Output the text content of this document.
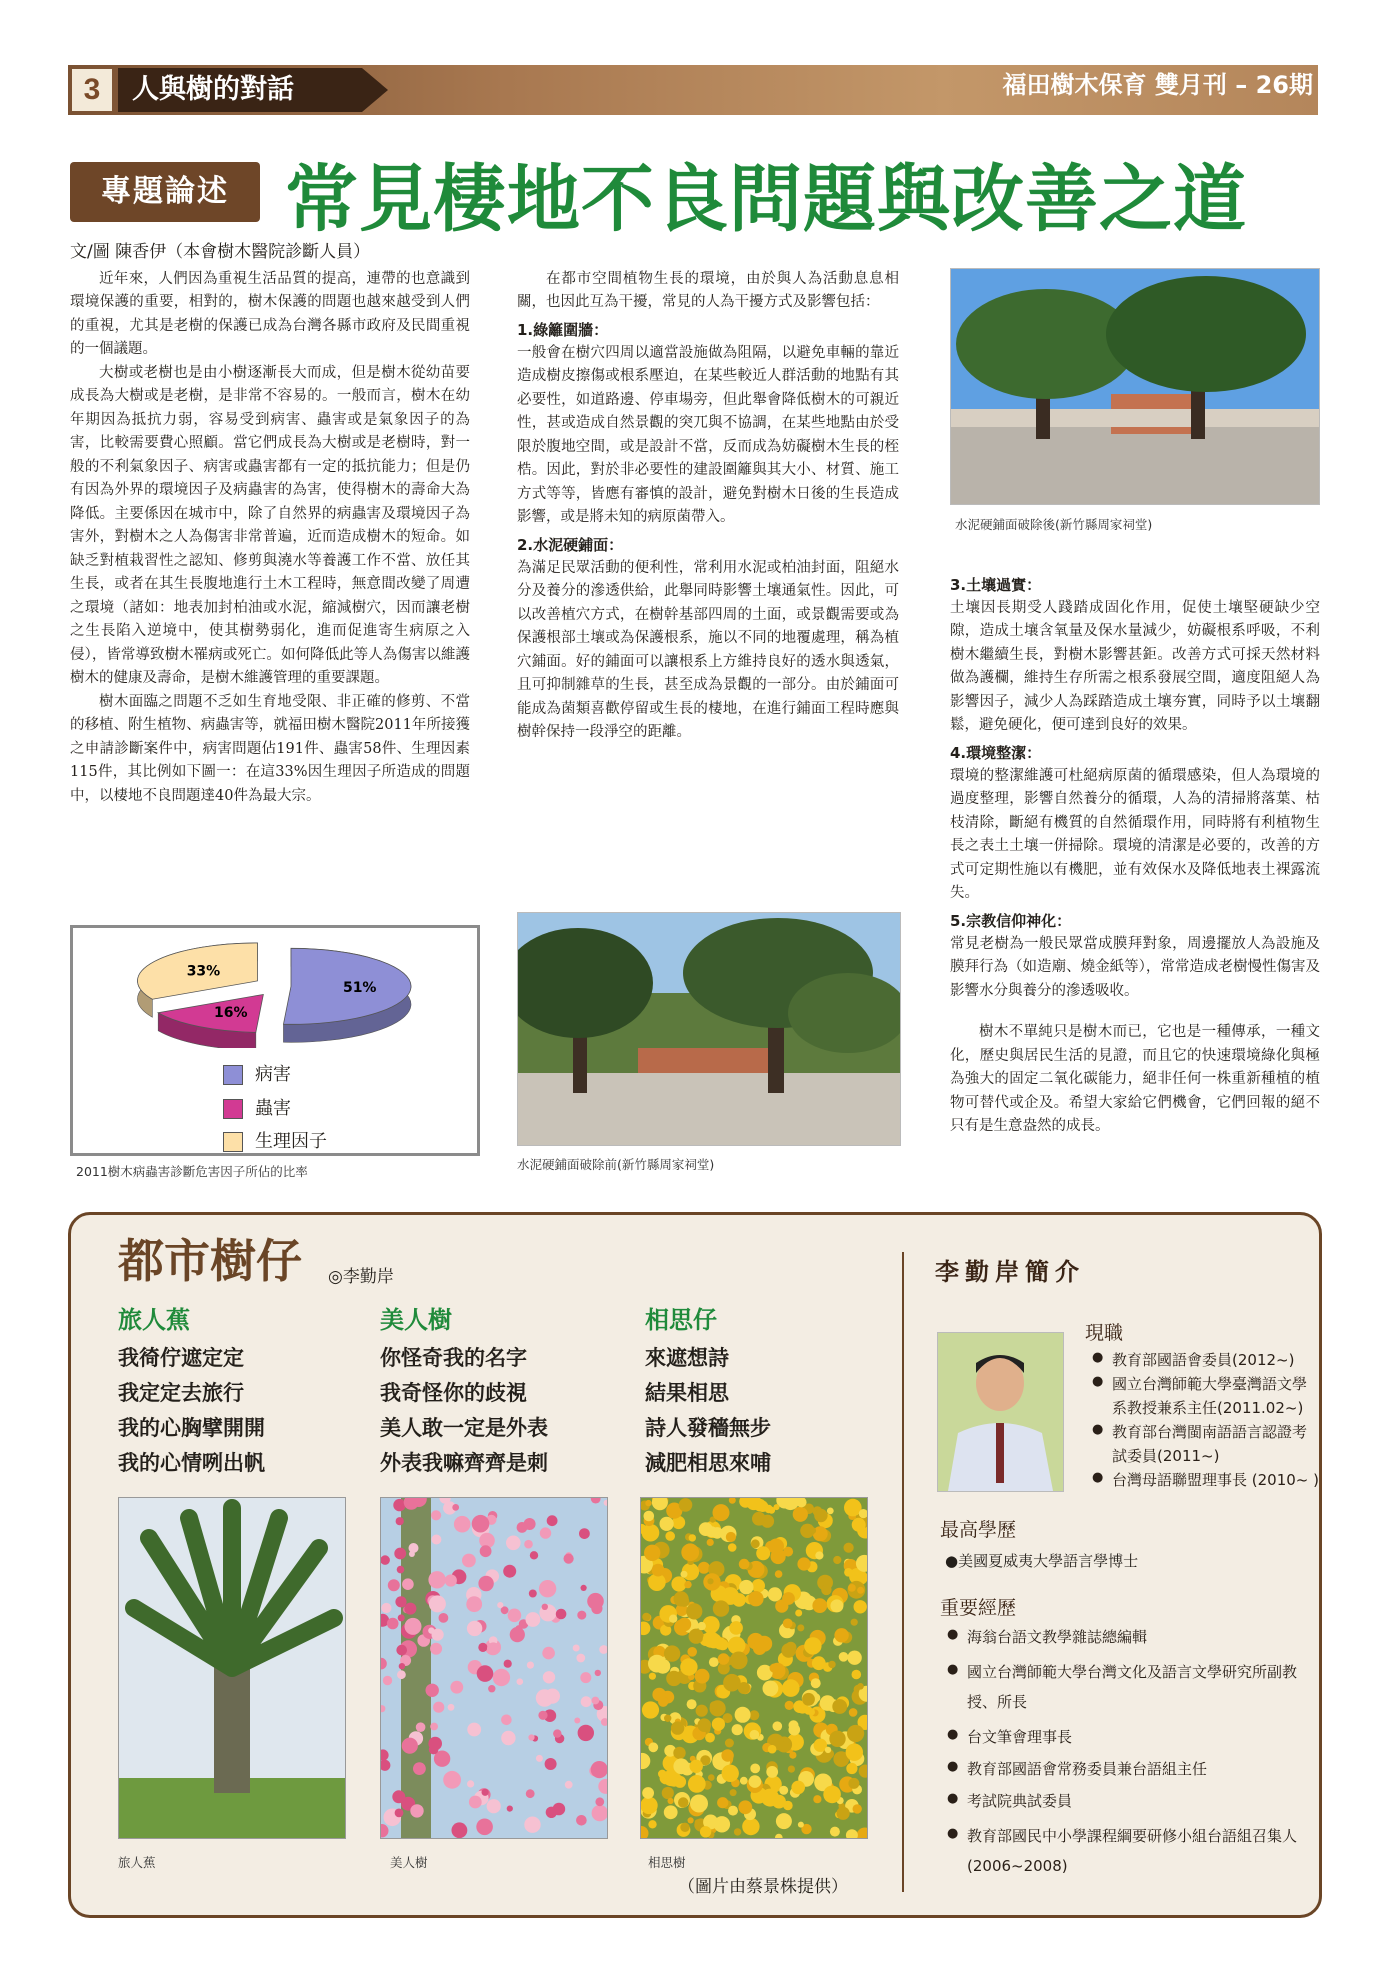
3	人與樹的對話	福田樹木保育 雙月刊 – 26期
專題論述 常見棲地不良問題與改善之道
文/圖 陳香伊（本會樹木醫院診斷人員）

近年來，人們因為重視生活品質的提高，連帶的也意識到環境保護的重要，相對的，樹木保護的問題也越來越受到人們的重視，尤其是老樹的保護已成為台灣各縣市政府及民間重視的一個議題。

大樹或老樹也是由小樹逐漸長大而成，但是樹木從幼苗要成長為大樹或是老樹，是非常不容易的。一般而言，樹木在幼年期因為抵抗力弱，容易受到病害、蟲害或是氣象因子的為害，比較需要費心照顧。當它們成長為大樹或是老樹時，對一般的不利氣象因子、病害或蟲害都有一定的抵抗能力；但是仍有因為外界的環境因子及病蟲害的為害，使得樹木的壽命大為降低。主要係因在城市中，除了自然界的病蟲害及環境因子為害外，對樹木之人為傷害非常普遍，近而造成樹木的短命。如缺乏對植栽習性之認知、修剪與澆水等養護工作不當、放任其生長，或者在其生長腹地進行土木工程時，無意間改變了周遭之環境（諸如：地表加封柏油或水泥，縮減樹穴，因而讓老樹之生長陷入逆境中，使其樹勢弱化，進而促進寄生病原之入侵），皆常導致樹木罹病或死亡。如何降低此等人為傷害以維護樹木的健康及壽命，是樹木維護管理的重要課題。

樹木面臨之問題不乏如生育地受限、非正確的修剪、不當的移植、附生植物、病蟲害等，就福田樹木醫院2011年所接獲之申請診斷案件中，病害問題佔191件、蟲害58件、生理因素115件，其比例如下圖一：在這33%因生理因子所造成的問題中，以棲地不良問題達40件為最大宗。

51%
16%
33%
病害
蟲害
生理因子
2011樹木病蟲害診斷危害因子所佔的比率

在都市空間植物生長的環境，由於與人為活動息息相關，也因此互為干擾，常見的人為干擾方式及影響包括：

1.綠籬圍牆：

一般會在樹穴四周以適當設施做為阻隔，以避免車輛的靠近造成樹皮擦傷或根系壓迫，在某些較近人群活動的地點有其必要性，如道路邊、停車場旁，但此舉會降低樹木的可親近性，甚或造成自然景觀的突兀與不協調，在某些地點由於受限於腹地空間，或是設計不當，反而成為妨礙樹木生長的桎梏。因此，對於非必要性的建設圍籬與其大小、材質、施工方式等等，皆應有審慎的設計，避免對樹木日後的生長造成影響，或是將未知的病原菌帶入。

2.水泥硬鋪面：

為滿足民眾活動的便利性，常利用水泥或柏油封面，阻絕水分及養分的滲透供給，此舉同時影響土壤通氣性。因此，可以改善植穴方式，在樹幹基部四周的土面，或景觀需要或為保護根部土壤或為保護根系，施以不同的地覆處理，稱為植穴鋪面。好的鋪面可以讓根系上方維持良好的透水與透氣，且可抑制雜草的生長，甚至成為景觀的一部分。由於鋪面可能成為菌類喜歡停留或生長的棲地，在進行鋪面工程時應與樹幹保持一段淨空的距離。

水泥硬鋪面破除前(新竹縣周家祠堂)
水泥硬鋪面破除後(新竹縣周家祠堂)
3.土壤過實：

土壤因長期受人踐踏成固化作用，促使土壤堅硬缺少空隙，造成土壤含氧量及保水量減少，妨礙根系呼吸，不利樹木繼續生長，對樹木影響甚鉅。改善方式可採天然材料做為護欄，維持生存所需之根系發展空間，適度阻絕人為影響因子，減少人為踩踏造成土壤夯實，同時予以土壤翻鬆，避免硬化，便可達到良好的效果。

4.環境整潔：

環境的整潔維護可杜絕病原菌的循環感染，但人為環境的過度整理，影響自然養分的循環，人為的清掃將落葉、枯枝清除，斷絕有機質的自然循環作用，同時將有利植物生長之表土土壤一併掃除。環境的清潔是必要的，改善的方式可定期性施以有機肥，並有效保水及降低地表土裸露流失。

5.宗教信仰神化：

常見老樹為一般民眾當成膜拜對象，周邊擺放人為設施及膜拜行為（如造廟、燒金紙等），常常造成老樹慢性傷害及影響水分與養分的滲透吸收。

樹木不單純只是樹木而已，它也是一種傳承，一種文化，歷史與居民生活的見證，而且它的快速環境綠化與極為強大的固定二氧化碳能力，絕非任何一株重新種植的植物可替代或企及。希望大家給它們機會，它們回報的絕不只有是生意盎然的成長。

都市樹仔 ◎李勤岸
旅人蕉
我徛佇遮定定
我定定去旅行
我的心胸擘開開
我的心情咧出帆
美人樹
你怪奇我的名字
我奇怪你的歧視
美人敢一定是外表
外表我嘛齊齊是刺
相思仔
來遮想詩
結果相思
詩人發穡無步
減肥相思來哺
旅人蕉	美人樹	相思樹
（圖片由蔡景株提供）
李勤岸簡介
現職
● 教育部國語會委員(2012~)
● 國立台灣師範大學臺灣語文學系教授兼系主任(2011.02~)
● 教育部台灣閩南語語言認證考試委員(2011~)
● 台灣母語聯盟理事長 (2010~ )
最高學歷
●美國夏威夷大學語言學博士
重要經歷
● 海翁台語文教學雜誌總編輯
● 國立台灣師範大學台灣文化及語言文學研究所副教授、所長
● 台文筆會理事長
● 教育部國語會常務委員兼台語組主任
● 考試院典試委員
● 教育部國民中小學課程綱要研修小組台語組召集人 (2006~2008)
